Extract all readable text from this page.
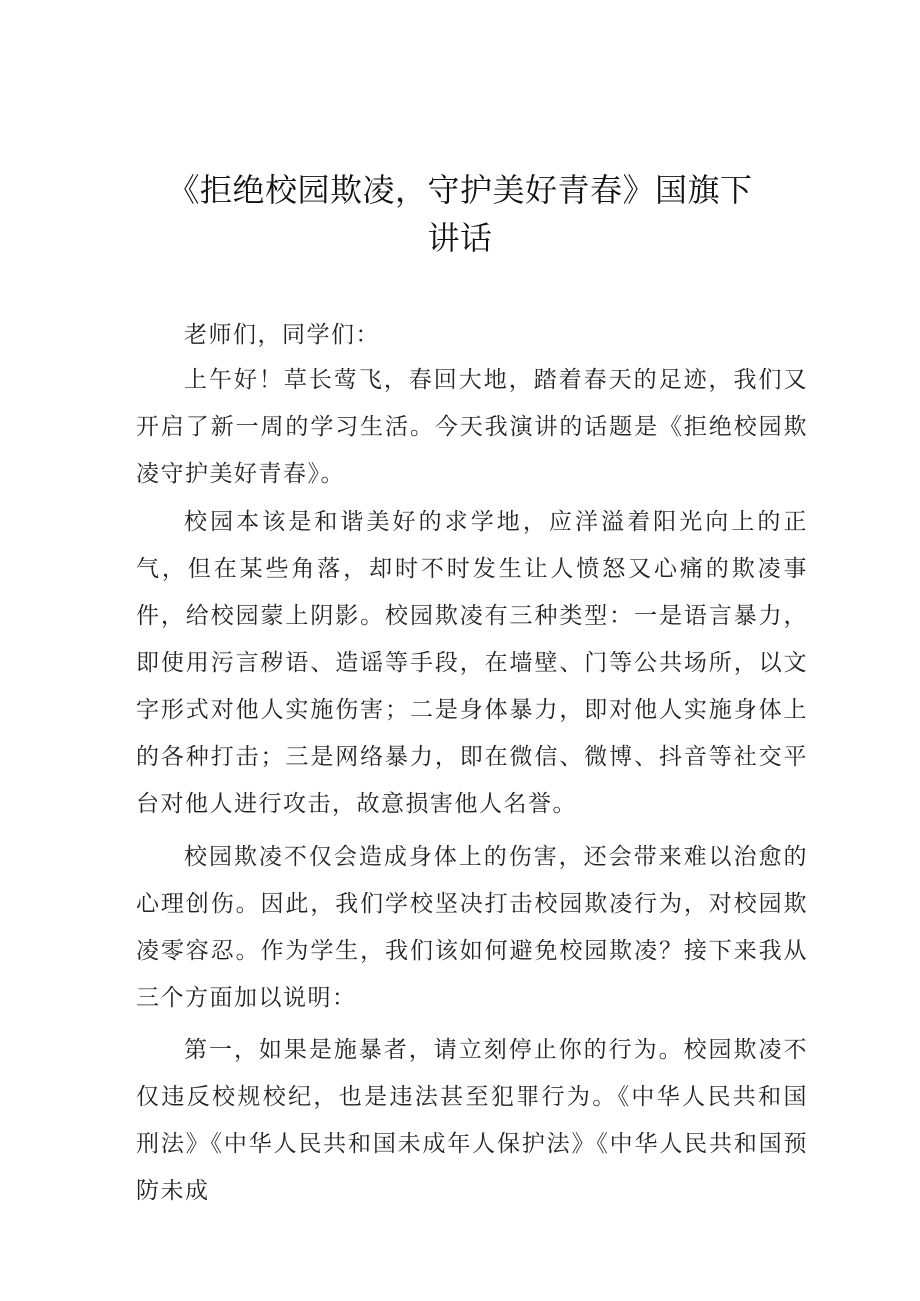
《拒绝校园欺凌，守护美好青春》国旗下
讲话

老师们，同学们：

上午好！草长莺飞，春回大地，踏着春天的足迹，我们又开启了新一周的学习生活。今天我演讲的话题是《拒绝校园欺凌守护美好青春》。

校园本该是和谐美好的求学地，应洋溢着阳光向上的正气，但在某些角落，却时不时发生让人愤怒又心痛的欺凌事件，给校园蒙上阴影。校园欺凌有三种类型：一是语言暴力，即使用污言秽语、造谣等手段，在墙壁、门等公共场所，以文字形式对他人实施伤害；二是身体暴力，即对他人实施身体上的各种打击；三是网络暴力，即在微信、微博、抖音等社交平台对他人进行攻击，故意损害他人名誉。

校园欺凌不仅会造成身体上的伤害，还会带来难以治愈的心理创伤。因此，我们学校坚决打击校园欺凌行为，对校园欺凌零容忍。作为学生，我们该如何避免校园欺凌？接下来我从三个方面加以说明：

第一，如果是施暴者，请立刻停止你的行为。校园欺凌不仅违反校规校纪，也是违法甚至犯罪行为。《中华人民共和国刑法》《中华人民共和国未成年人保护法》《中华人民共和国预防未成
